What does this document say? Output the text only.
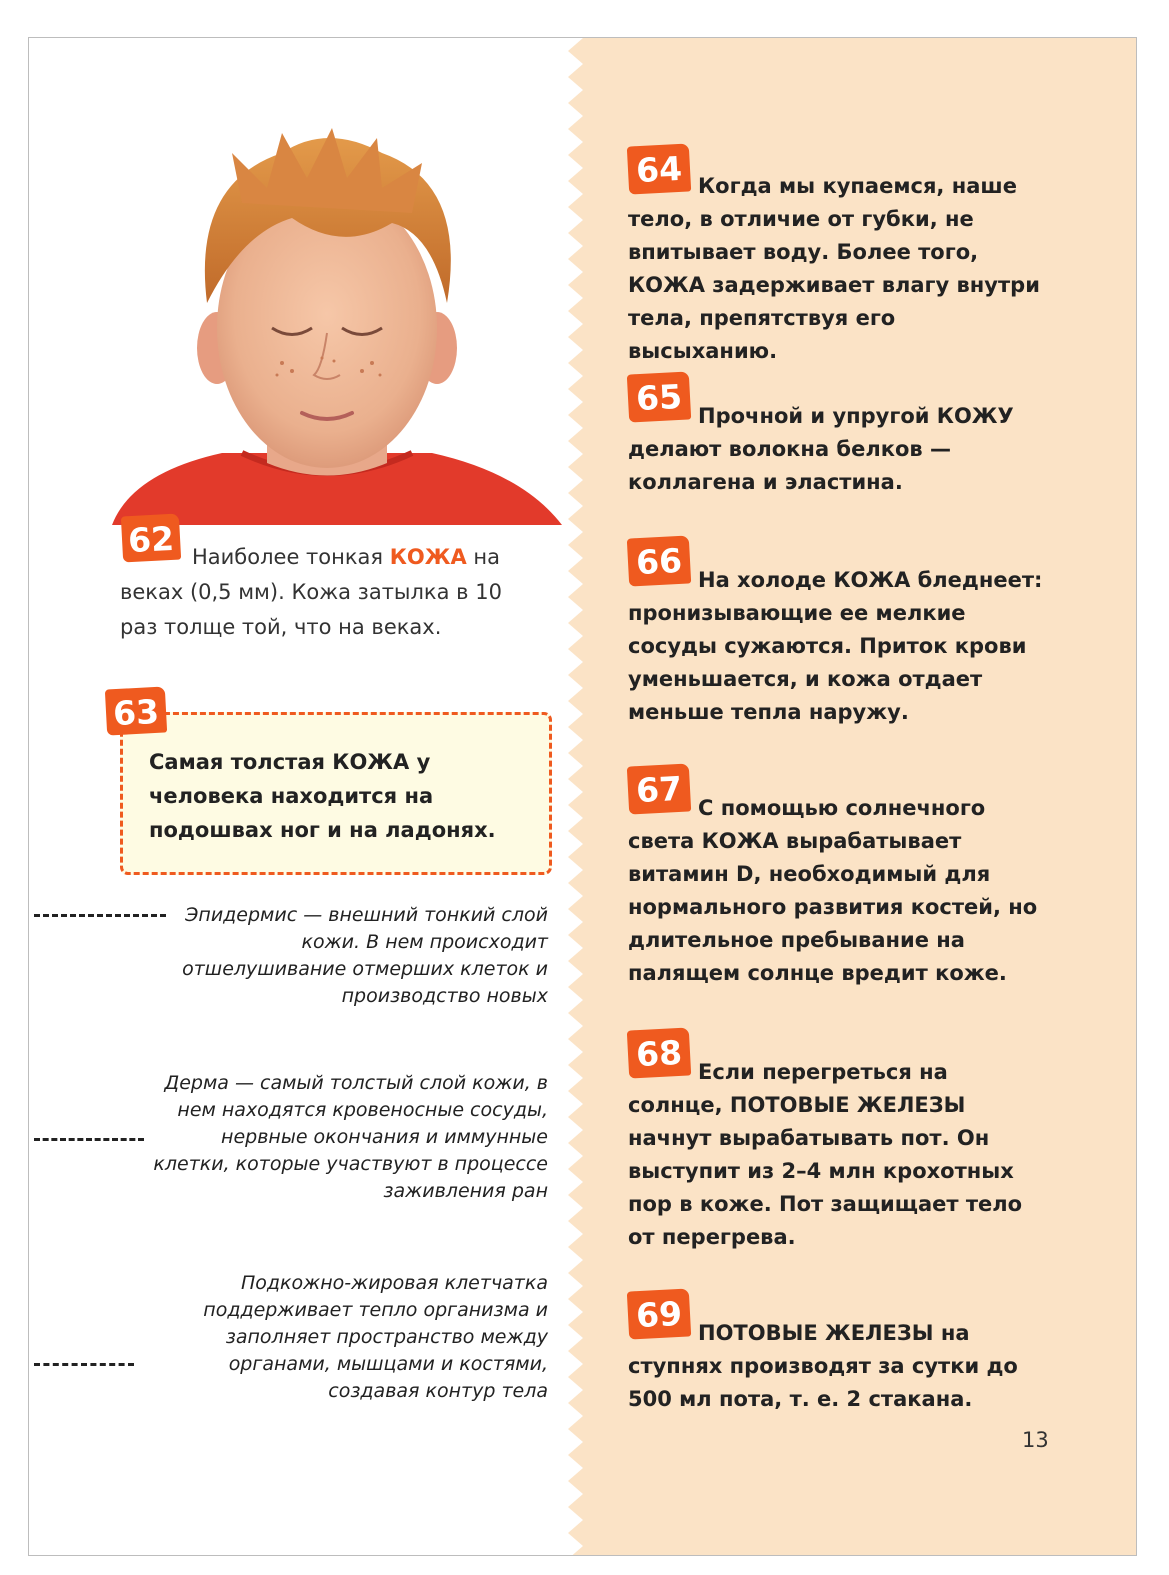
62 Наиболее тонкая КОЖА на веках (0,5 мм). Кожа затылка в 10 раз толще той, что на веках.

Самая толстая КОЖА у человека находится на подошвах ног и на ладонях.

63

Эпидермис — внешний тонкий слой кожи. В нем происходит отшелушивание отмерших клеток и производство новых

Дерма — самый толстый слой кожи, в нем находятся кровеносные сосуды, нервные окончания и иммунные клетки, которые участвуют в процессе заживления ран

Подкожно-жировая клетчатка поддерживает тепло организма и заполняет пространство между органами, мышцами и костями, создавая контур тела

64 Когда мы купаемся, наше тело, в отличие от губки, не впитывает воду. Более того, КОЖА задерживает влагу внутри тела, препятствуя его высыханию.

65 Прочной и упругой КОЖУ делают волокна белков — коллагена и эластина.

66 На холоде КОЖА бледнеет: пронизывающие ее мелкие сосуды сужаются. Приток крови уменьшается, и кожа отдает меньше тепла наружу.

67 С помощью солнечного света КОЖА вырабатывает витамин D, необходимый для нормального развития костей, но длительное пребывание на палящем солнце вредит коже.

68 Если перегреться на солнце, ПОТОВЫЕ ЖЕЛЕЗЫ начнут вырабатывать пот. Он выступит из 2–4 млн крохотных пор в коже. Пот защищает тело от перегрева.

69 ПОТОВЫЕ ЖЕЛЕЗЫ на ступнях производят за сутки до 500 мл пота, т. е. 2 стакана.

13
